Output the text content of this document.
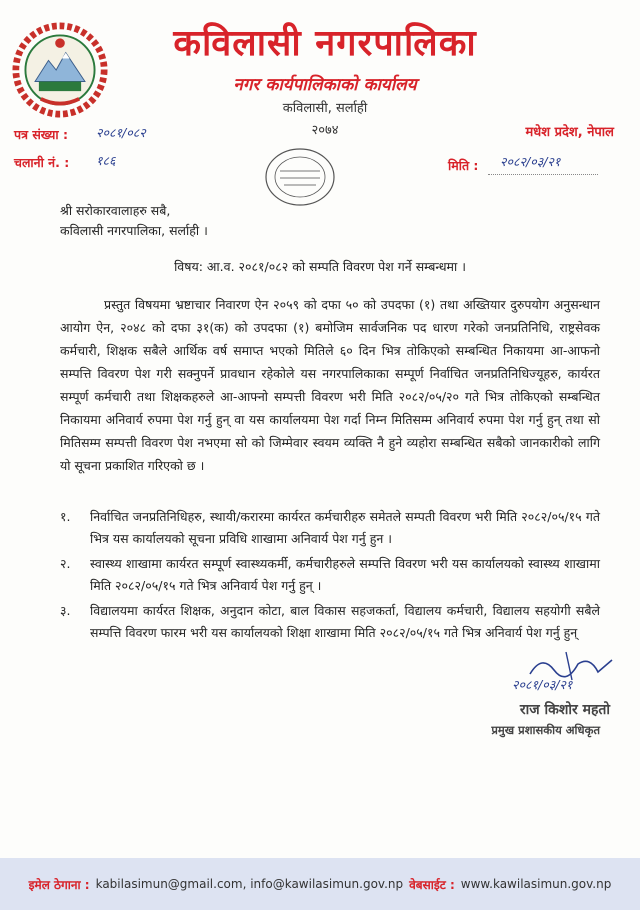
कविलासी नगरपालिका
नगर कार्यपालिकाको कार्यालय
कविलासी, सर्लाही
२०७४
पत्र संख्या : २०८१/०८२
चलानी नं. : १८६
मधेश प्रदेश, नेपाल
मिति : २०८२/०३/२१
श्री सरोकारवालाहरु सबै,
कविलासी नगरपालिका, सर्लाही ।
विषय: आ.व. २०८१/०८२ को सम्पति विवरण पेश गर्ने सम्बन्धमा ।

प्रस्तुत विषयमा भ्रष्टाचार निवारण ऐन २०५९ को दफा ५० को उपदफा (१) तथा अख्तियार दुरुपयोग अनुसन्धान आयोग ऐन, २०४८ को दफा ३१(क) को उपदफा (१) बमोजिम सार्वजनिक पद धारण गरेको जनप्रतिनिधि, राष्ट्रसेवक कर्मचारी, शिक्षक सबैले आर्थिक वर्ष समाप्त भएको मितिले ६० दिन भित्र तोकिएको सम्बन्धित निकायमा आ-आफनो सम्पत्ति विवरण पेश गरी सक्नुपर्ने प्रावधान रहेकोले यस नगरपालिकाका सम्पूर्ण निर्वाचित जनप्रतिनिधिज्यूहरु, कार्यरत सम्पूर्ण कर्मचारी तथा शिक्षकहरुले आ-आफ्नो सम्पत्ती विवरण भरी मिति २०८२/०५/२० गते भित्र तोकिएको सम्बन्धित निकायमा अनिवार्य रुपमा पेश गर्नु हुन् वा यस कार्यालयमा पेश गर्दा निम्न मितिसम्म अनिवार्य रुपमा पेश गर्नु हुन् तथा सो मितिसम्म सम्पत्ती विवरण पेश नभएमा सो को जिम्मेवार स्वयम व्यक्ति नै हुने व्यहोरा सम्बन्धित सबैको जानकारीको लागि यो सूचना प्रकाशित गरिएको छ ।

१.	निर्वाचित जनप्रतिनिधिहरु, स्थायी/करारमा कार्यरत कर्मचारीहरु समेतले सम्पती विवरण भरी मिति २०८२/०५/१५ गते भित्र यस कार्यालयको सूचना प्रविधि शाखामा अनिवार्य पेश गर्नु हुन ।
२.	स्वास्थ्य शाखामा कार्यरत सम्पूर्ण स्वास्थ्यकर्मी, कर्मचारीहरुले सम्पत्ति विवरण भरी यस कार्यालयको स्वास्थ्य शाखामा मिति २०८२/०५/१५ गते भित्र अनिवार्य पेश गर्नु हुन् ।
३.	विद्यालयमा कार्यरत शिक्षक, अनुदान कोटा, बाल विकास सहजकर्ता, विद्यालय कर्मचारी, विद्यालय सहयोगी सबैले सम्पत्ति विवरण फारम भरी यस कार्यालयको शिक्षा शाखामा मिति २०८२/०५/१५ गते भित्र अनिवार्य पेश गर्नु हुन्
२०८१/०३/२१
राज किशोर महतो
प्रमुख प्रशासकीय अधिकृत
इमेल ठेगाना : kabilasimun@gmail.com, info@kawilasimun.gov.np वेबसाईट : www.kawilasimun.gov.np
